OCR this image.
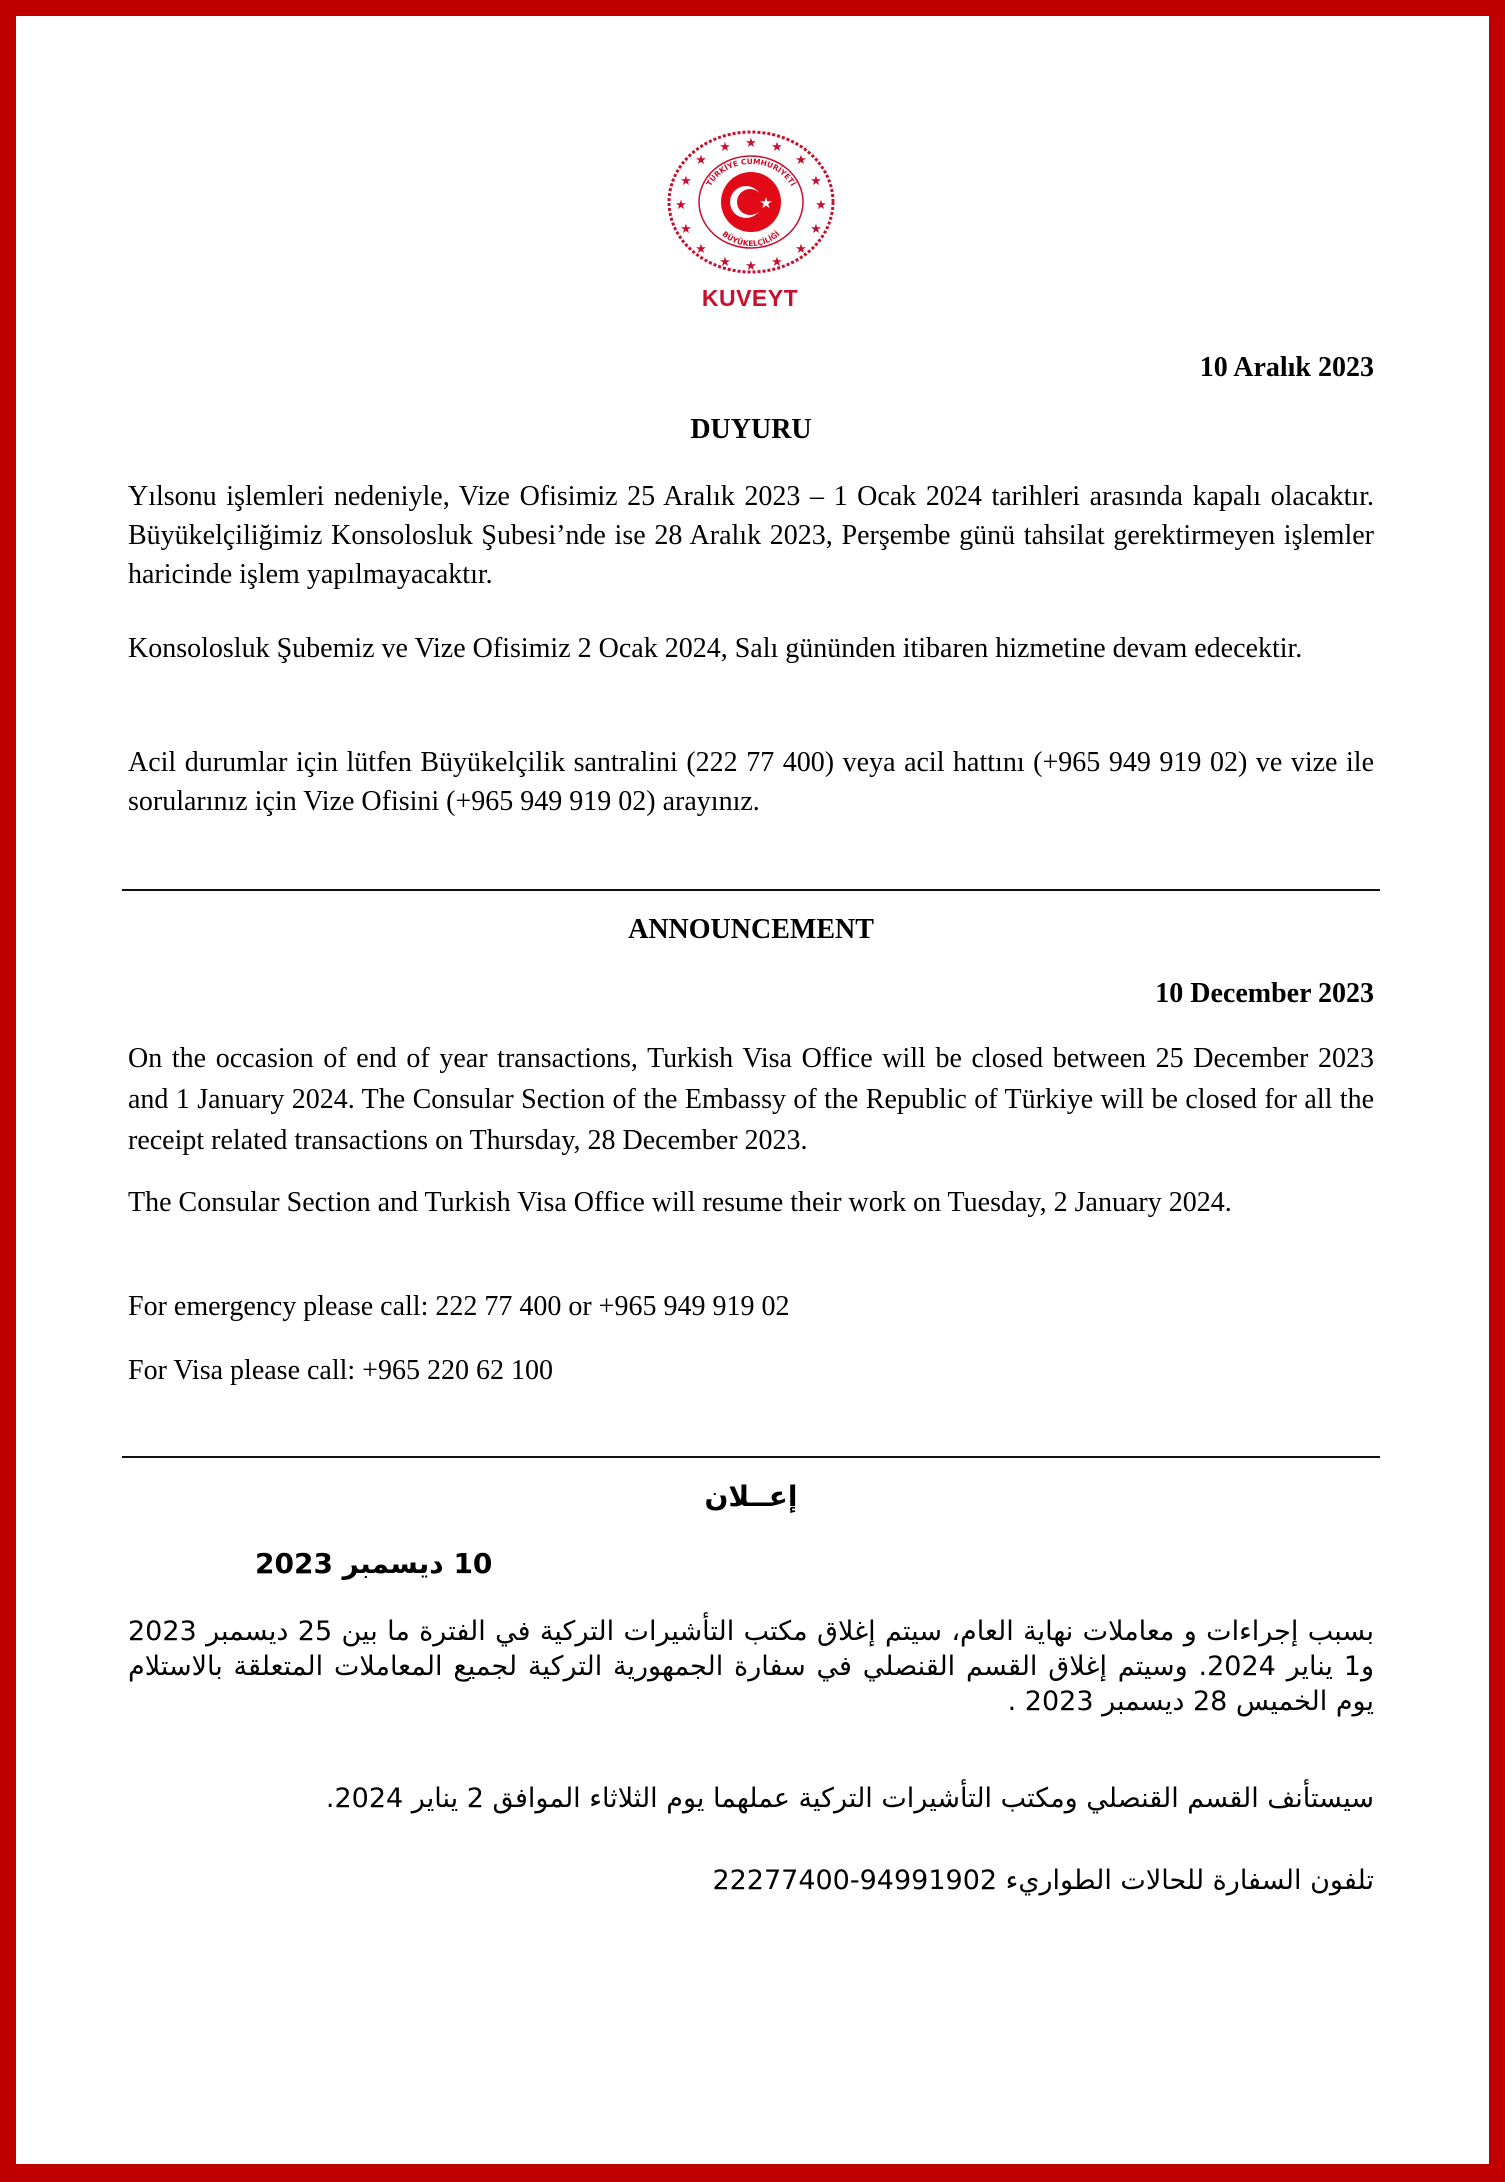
★
★	★
★	★
★	★
★	★
★	★
★	★
★	★
★
TÜRKİYE CUMHURİYETİ
BÜYÜKELÇİLİĞİ
★
KUVEYT
10 Aralık 2023
DUYURU

Yılsonu işlemleri nedeniyle, Vize Ofisimiz 25 Aralık 2023 – 1 Ocak 2024 tarihleri arasında kapalı olacaktır. Büyükelçiliğimiz Konsolosluk Şubesi’nde ise 28 Aralık 2023, Perşembe günü tahsilat gerektirmeyen işlemler haricinde işlem yapılmayacaktır.

Konsolosluk Şubemiz ve Vize Ofisimiz 2 Ocak 2024, Salı gününden itibaren hizmetine devam edecektir.

Acil durumlar için lütfen Büyükelçilik santralini (222 77 400) veya acil hattını (+965 949 919 02) ve vize ile sorularınız için Vize Ofisini (+965 949 919 02) arayınız.

ANNOUNCEMENT
10 December 2023

On the occasion of end of year transactions, Turkish Visa Office will be closed between 25 December 2023 and 1 January 2024. The Consular Section of the Embassy of the Republic of Türkiye will be closed for all the receipt related transactions on Thursday, 28 December 2023.

The Consular Section and Turkish Visa Office will resume their work on Tuesday, 2 January 2024.

For emergency please call: 222 77 400 or +965 949 919 02

For Visa please call: +965 220 62 100

إعــلان
10 ديسمبر 2023

بسبب إجراءات و معاملات نهاية العام، سيتم إغلاق مكتب التأشيرات التركية في الفترة ما بين 25 ديسمبر 2023 و1 يناير 2024. وسيتم إغلاق القسم القنصلي في سفارة الجمهورية التركية لجميع المعاملات المتعلقة بالاستلام يوم الخميس 28 ديسمبر 2023 .

سيستأنف القسم القنصلي ومكتب التأشيرات التركية عملهما يوم الثلاثاء الموافق 2 يناير 2024.

تلفون السفارة للحالات الطواريء 94991902-22277400
